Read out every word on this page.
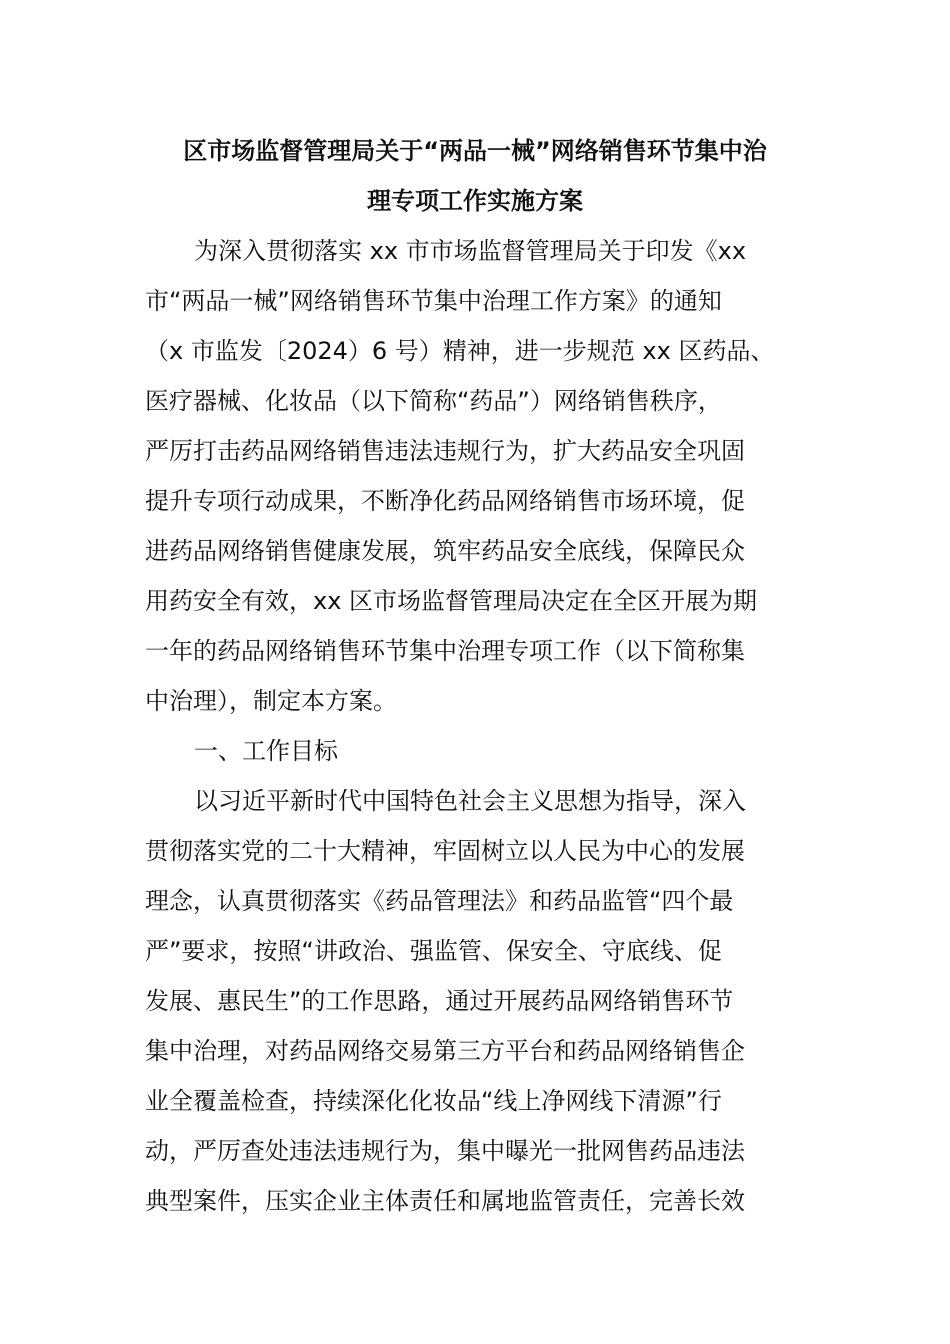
区市场监督管理局关于“两品一械”网络销售环节集中治
理专项工作实施方案
为深入贯彻落实 xx 市市场监督管理局关于印发《xx
市“两品一械”网络销售环节集中治理工作方案》的通知
（x 市监发〔2024）6 号）精神，进一步规范 xx 区药品、
医疗器械、化妆品（以下简称“药品”）网络销售秩序，
严厉打击药品网络销售违法违规行为，扩大药品安全巩固
提升专项行动成果，不断净化药品网络销售市场环境，促
进药品网络销售健康发展，筑牢药品安全底线，保障民众
用药安全有效，xx 区市场监督管理局决定在全区开展为期
一年的药品网络销售环节集中治理专项工作（以下简称集
中治理），制定本方案。
一、工作目标
以习近平新时代中国特色社会主义思想为指导，深入
贯彻落实党的二十大精神，牢固树立以人民为中心的发展
理念，认真贯彻落实《药品管理法》和药品监管“四个最
严”要求，按照“讲政治、强监管、保安全、守底线、促
发展、惠民生”的工作思路，通过开展药品网络销售环节
集中治理，对药品网络交易第三方平台和药品网络销售企
业全覆盖检查，持续深化化妆品“线上净网线下清源”行
动，严厉查处违法违规行为，集中曝光一批网售药品违法
典型案件，压实企业主体责任和属地监管责任，完善长效
